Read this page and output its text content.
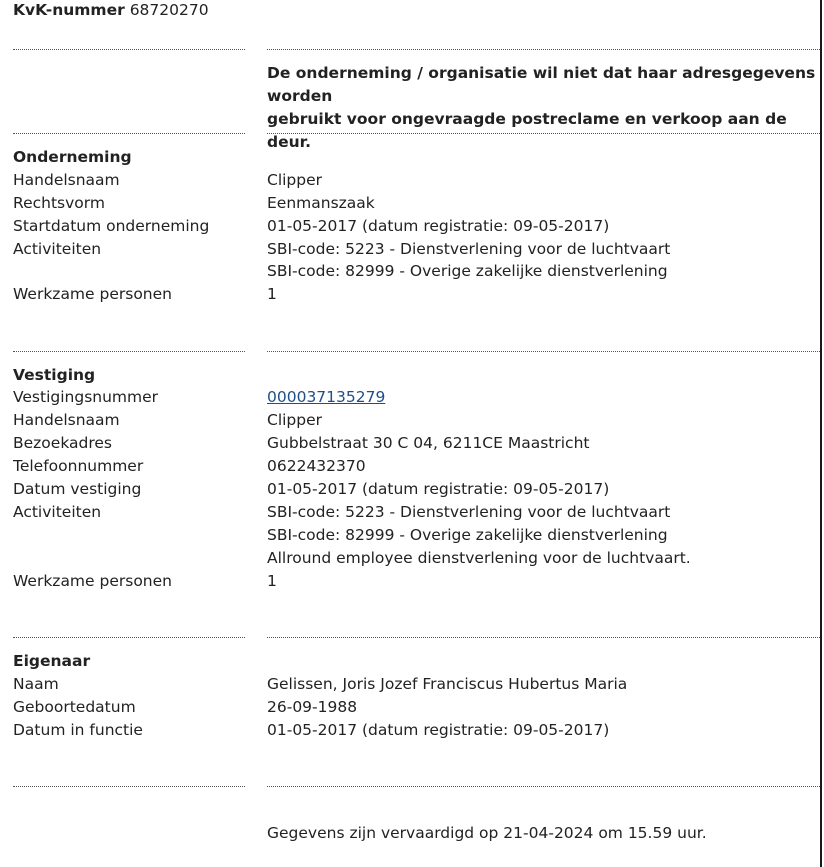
KvK-nummer 68720270
De onderneming / organisatie wil niet dat haar adresgegevens worden
gebruikt voor ongevraagde postreclame en verkoop aan de deur.
Onderneming
Handelsnaam	Clipper
Rechtsvorm	Eenmanszaak
Startdatum onderneming	01-05-2017 (datum registratie: 09-05-2017)
Activiteiten	SBI-code: 5223 - Dienstverlening voor de luchtvaart
SBI-code: 82999 - Overige zakelijke dienstverlening
Werkzame personen	1
Vestiging
Vestigingsnummer	000037135279
Handelsnaam	Clipper
Bezoekadres	Gubbelstraat 30 C 04, 6211CE Maastricht
Telefoonnummer	0622432370
Datum vestiging	01-05-2017 (datum registratie: 09-05-2017)
Activiteiten	SBI-code: 5223 - Dienstverlening voor de luchtvaart
SBI-code: 82999 - Overige zakelijke dienstverlening
Allround employee dienstverlening voor de luchtvaart.
Werkzame personen	1
Eigenaar
Naam	Gelissen, Joris Jozef Franciscus Hubertus Maria
Geboortedatum	26-09-1988
Datum in functie	01-05-2017 (datum registratie: 09-05-2017)
Gegevens zijn vervaardigd op 21-04-2024 om 15.59 uur.
